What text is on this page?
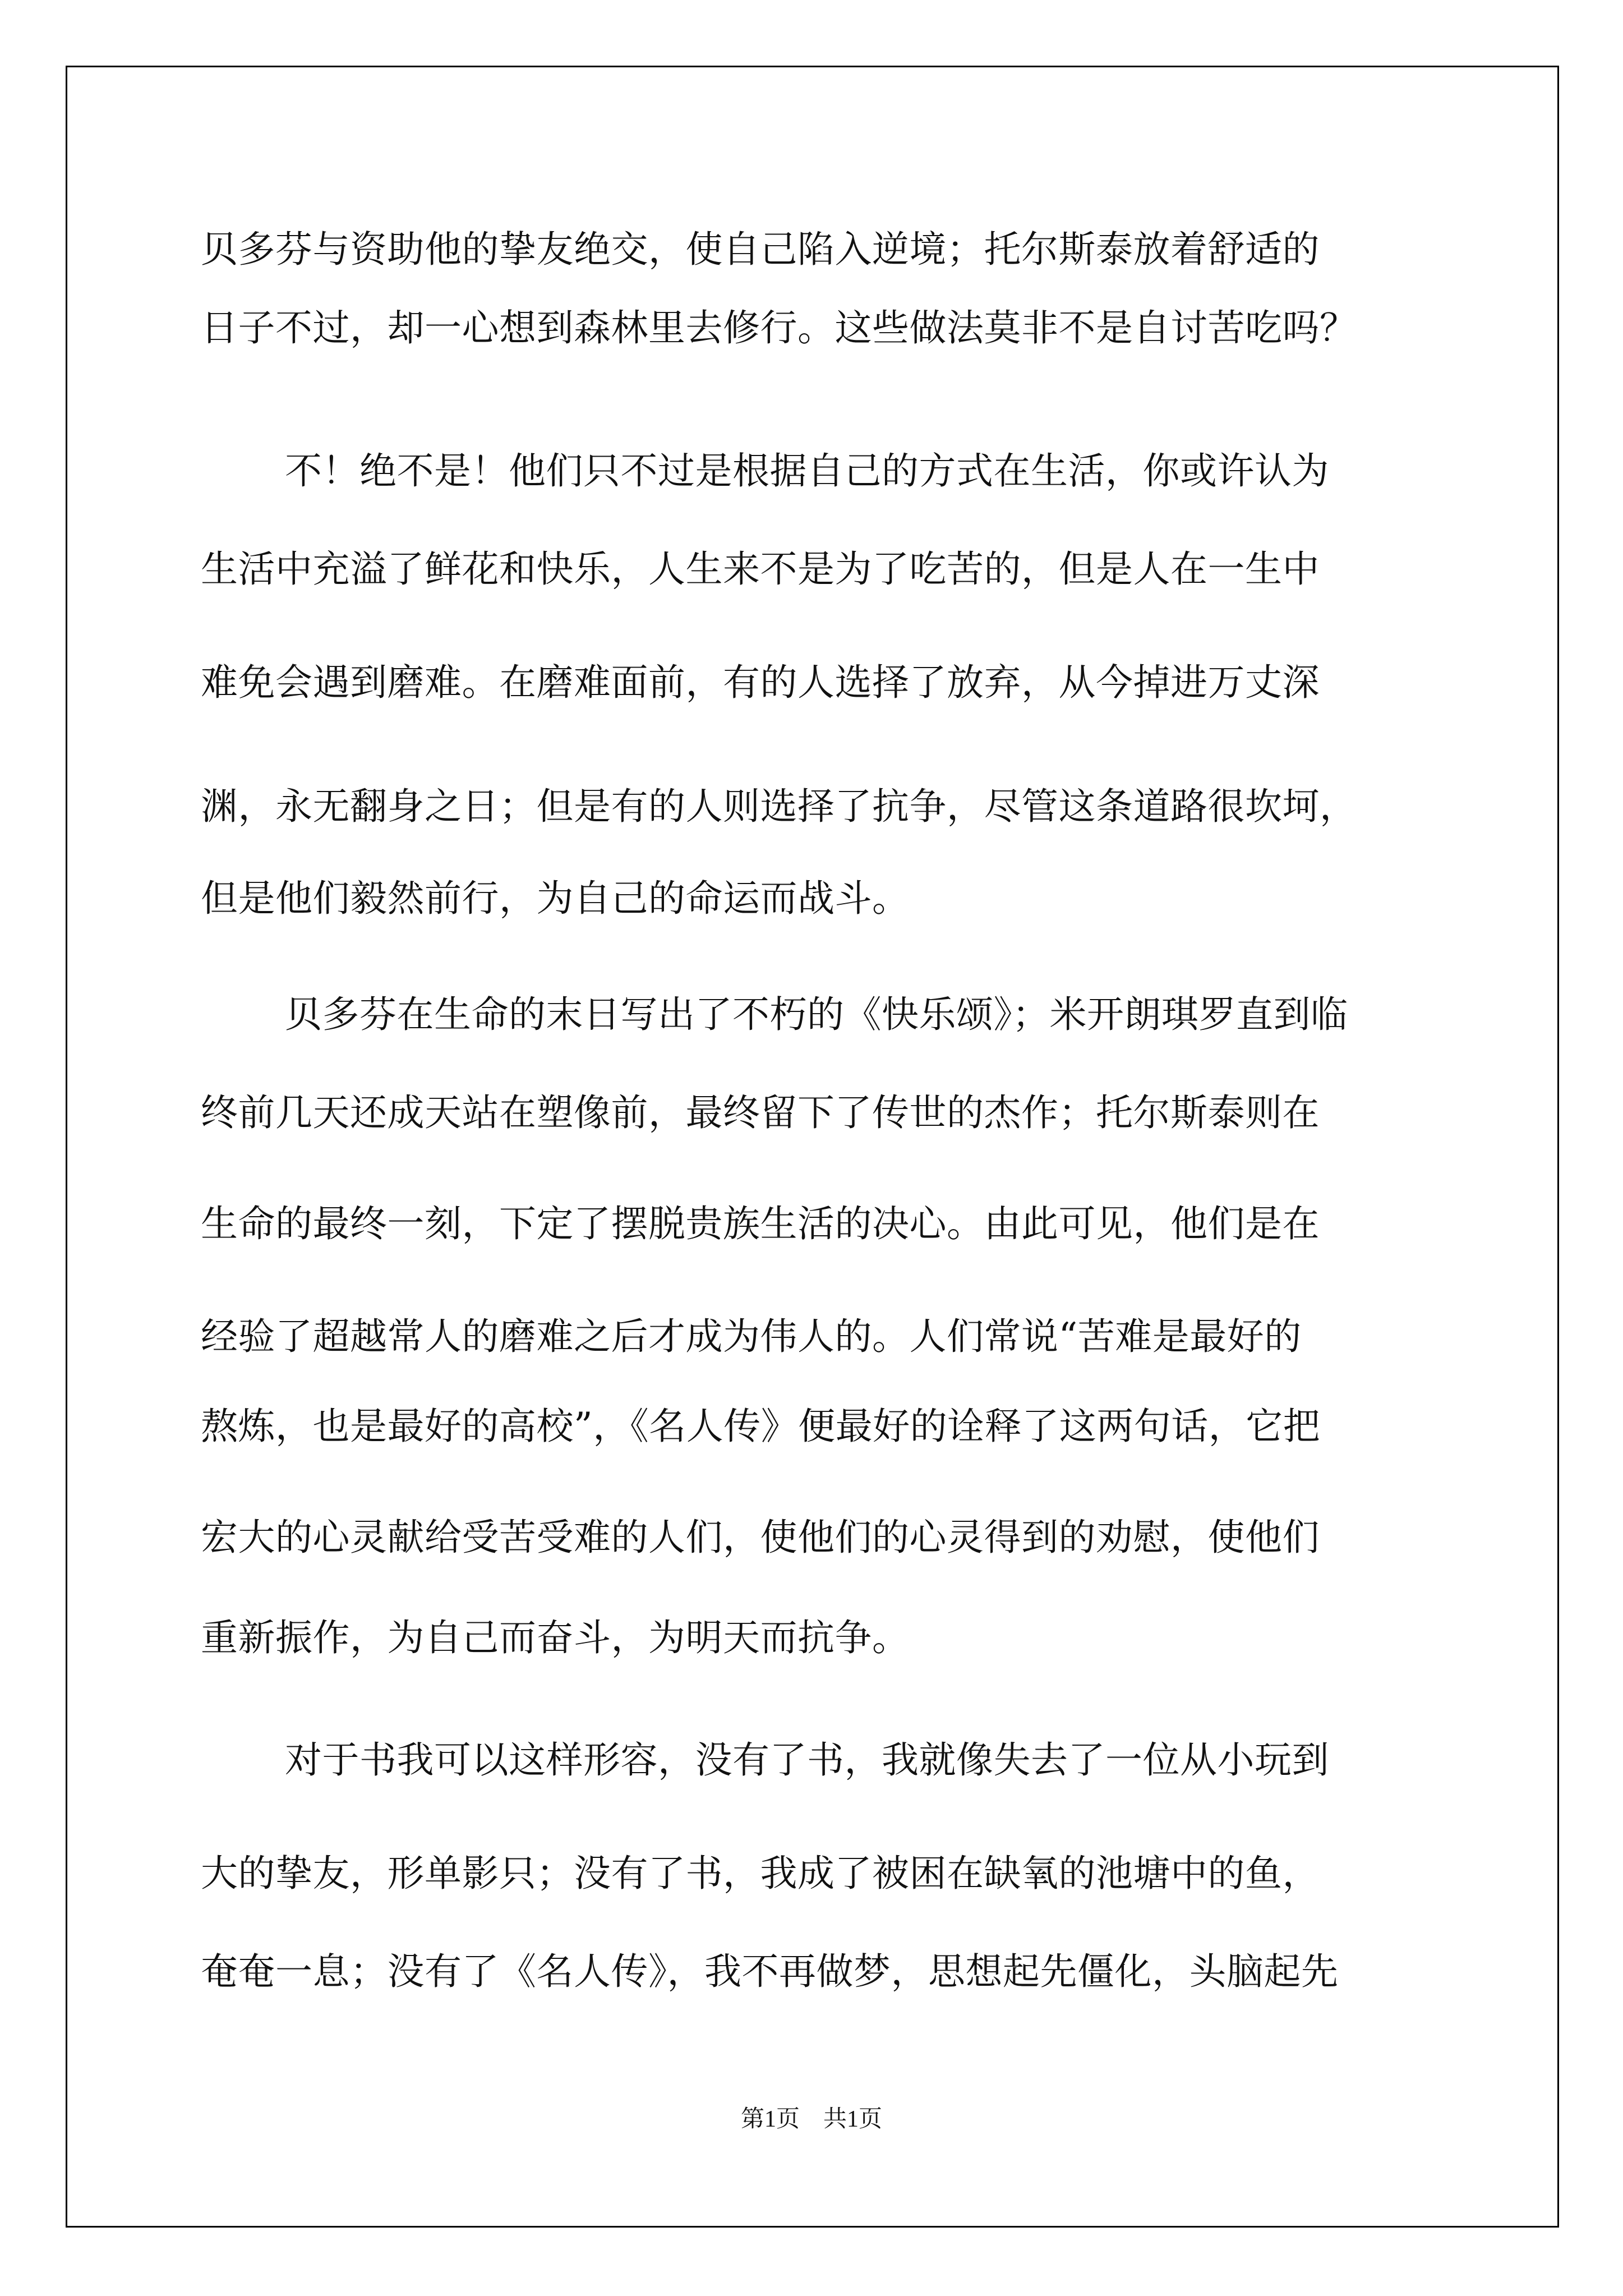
贝多芬与资助他的挚友绝交，使自己陷入逆境；托尔斯泰放着舒适的

日子不过，却一心想到森林里去修行。这些做法莫非不是自讨苦吃吗？

不！绝不是！他们只不过是根据自己的方式在生活，你或许认为

生活中充溢了鲜花和快乐，人生来不是为了吃苦的，但是人在一生中

难免会遇到磨难。在磨难面前，有的人选择了放弃，从今掉进万丈深

渊，永无翻身之日；但是有的人则选择了抗争，尽管这条道路很坎坷，

但是他们毅然前行，为自己的命运而战斗。

贝多芬在生命的末日写出了不朽的《快乐颂》；米开朗琪罗直到临

终前几天还成天站在塑像前，最终留下了传世的杰作；托尔斯泰则在

生命的最终一刻，下定了摆脱贵族生活的决心。由此可见，他们是在

经验了超越常人的磨难之后才成为伟人的。人们常说“苦难是最好的

熬炼，也是最好的高校”，《名人传》便最好的诠释了这两句话，它把

宏大的心灵献给受苦受难的人们，使他们的心灵得到的劝慰，使他们

重新振作，为自己而奋斗，为明天而抗争。

对于书我可以这样形容，没有了书，我就像失去了一位从小玩到

大的挚友，形单影只；没有了书，我成了被困在缺氧的池塘中的鱼，

奄奄一息；没有了《名人传》，我不再做梦，思想起先僵化，头脑起先

第1页　共1页
